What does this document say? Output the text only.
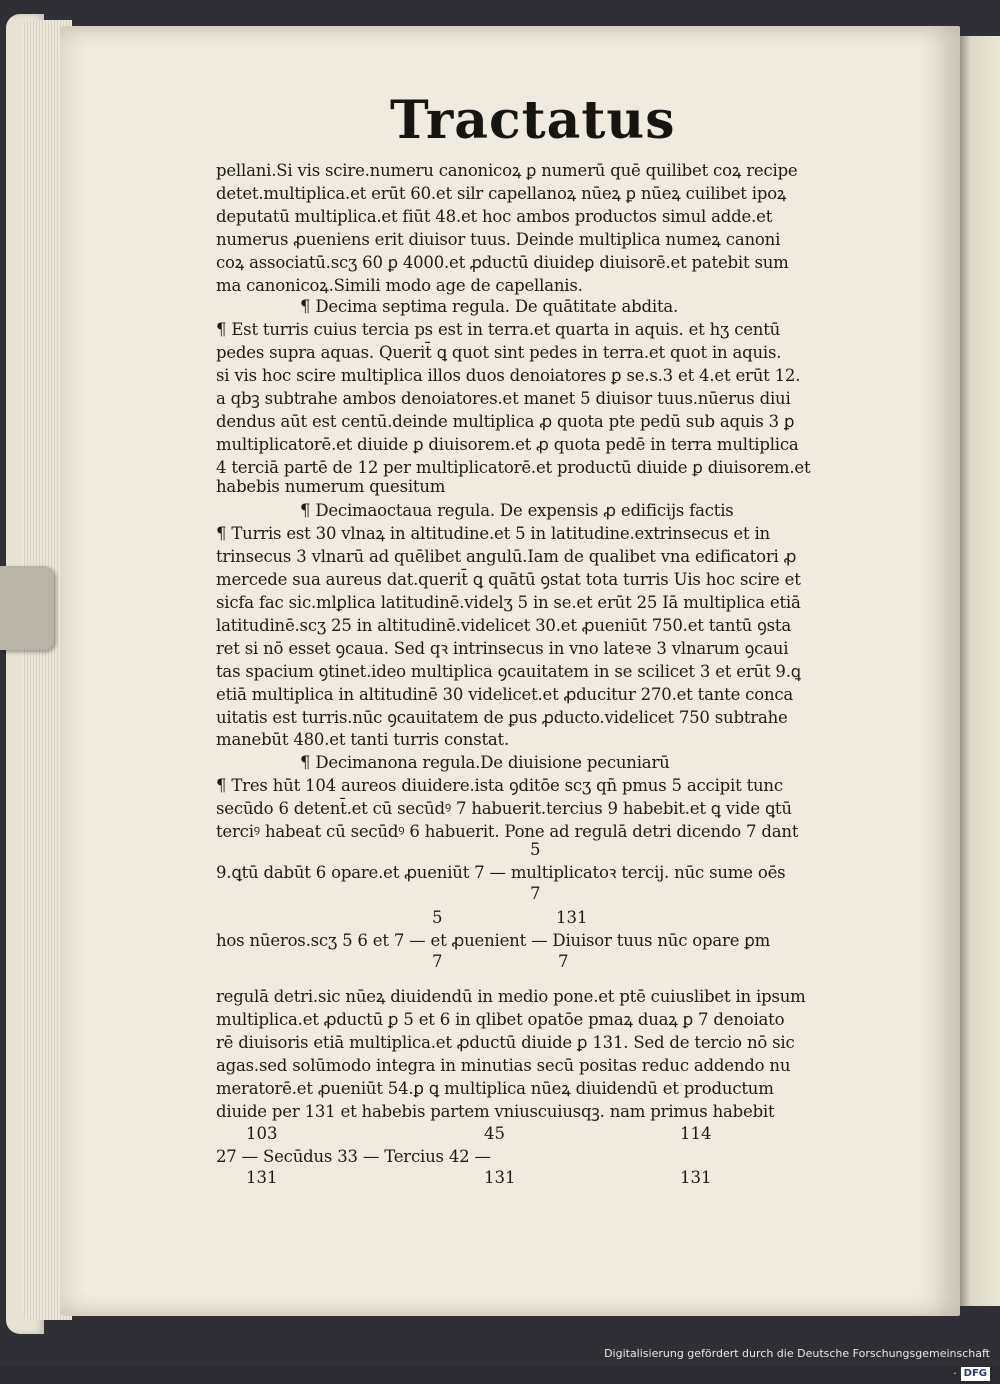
Tractatus
pellani.Si vis scire.numeru canonicoꝝ ꝑ numerū quē quilibet coꝝ recipe
detet.multiplica.et erūt 60.et silr capellanoꝝ nūeꝝ ꝑ nūeꝝ cuilibet ipoꝝ
deputatū multiplica.et fiūt 48.et hoc ambos productos simul adde.et
numerus ꝓueniens erit diuisor tuus. Deinde multiplica numeꝝ canoni
coꝝ associatū.scʒ 60 ꝑ 4000.et ꝓductū diuideꝑ diuisorē.et patebit sum
ma canonicoꝝ.Simili modo age de capellanis.
¶ Decima septima regula. De quātitate abdita.
¶ Est turris cuius tercia ps est in terra.et quarta in aquis. et hʒ centū
pedes supra aquas. Querit̄ ꝗ quot sint pedes in terra.et quot in aquis.
si vis hoc scire multiplica illos duos denoiatores ꝑ se.s.3 et 4.et erūt 12.
a qbꝫ subtrahe ambos denoiatores.et manet 5 diuisor tuus.nūerus diui
dendus aūt est centū.deinde multiplica ꝓ quota pte pedū sub aquis 3 ꝑ
multiplicatorē.et diuide ꝑ diuisorem.et ꝓ quota pedē in terra multiplica
4 terciā partē de 12 per multiplicatorē.et productū diuide ꝑ diuisorem.et
habebis numerum quesitum
¶ Decimaoctaua regula. De expensis ꝓ edificijs factis
¶ Turris est 30 vlnaꝝ in altitudine.et 5 in latitudine.extrinsecus et in
trinsecus 3 vlnarū ad quēlibet angulū.Iam de qualibet vna edificatori ꝓ
mercede sua aureus dat.querit̄ ꝗ quātū ꝯstat tota turris Uis hoc scire et
sicfa fac sic.mlꝑlica latitudinē.videlʒ 5 in se.et erūt 25 Iā multiplica etiā
latitudinē.scʒ 25 in altitudinē.videlicet 30.et ꝓueniūt 750.et tantū ꝯsta
ret si nō esset ꝯcaua. Sed qꝛ intrinsecus in vno lateꝛe 3 vlnarum ꝯcaui
tas spacium ꝯtinet.ideo multiplica ꝯcauitatem in se scilicet 3 et erūt 9.ꝗ
etiā multiplica in altitudinē 30 videlicet.et ꝓducitur 270.et tante conca
uitatis est turris.nūc ꝯcauitatem de ꝑus ꝓducto.videlicet 750 subtrahe
manebūt 480.et tanti turris constat.
¶ Decimanona regula.De diuisione pecuniarū
¶ Tres hūt 104 aureos diuidere.ista ꝯditōe scʒ qn̄ pmus 5 accipit tunc
secūdo 6 detent̄.et cū secūdꝰ 7 habuerit.tercius 9 habebit.et ꝗ vide ꝗtū
terciꝰ habeat cū secūdꝰ 6 habuerit. Pone ad regulā detri dicendo 7 dant
5
9.ꝗtū dabūt 6 opare.et ꝓueniūt 7 — multiplicatoꝛ tercij. nūc sume oēs
7
5	131
hos nūeros.scʒ 5 6 et 7 — et ꝓuenient — Diuisor tuus nūc opare ꝑm
7	7
regulā detri.sic nūeꝝ diuidendū in medio pone.et ptē cuiuslibet in ipsum
multiplica.et ꝓductū ꝑ 5 et 6 in qlibet opatōe pmaꝝ duaꝝ ꝑ 7 denoiato
rē diuisoris etiā multiplica.et ꝓductū diuide ꝑ 131. Sed de tercio nō sic
agas.sed solūmodo integra in minutias secū positas reduc addendo nu
meratorē.et ꝓueniūt 54.ꝑ ꝗ multiplica nūeꝝ diuidendū et productum
diuide per 131 et habebis partem vniuscuiusqꝫ. nam primus habebit
103	45	114
27 — Secūdus 33 — Tercius 42 —
131	131	131
Digitalisierung gefördert durch die Deutsche Forschungsgemeinschaft · DFG
